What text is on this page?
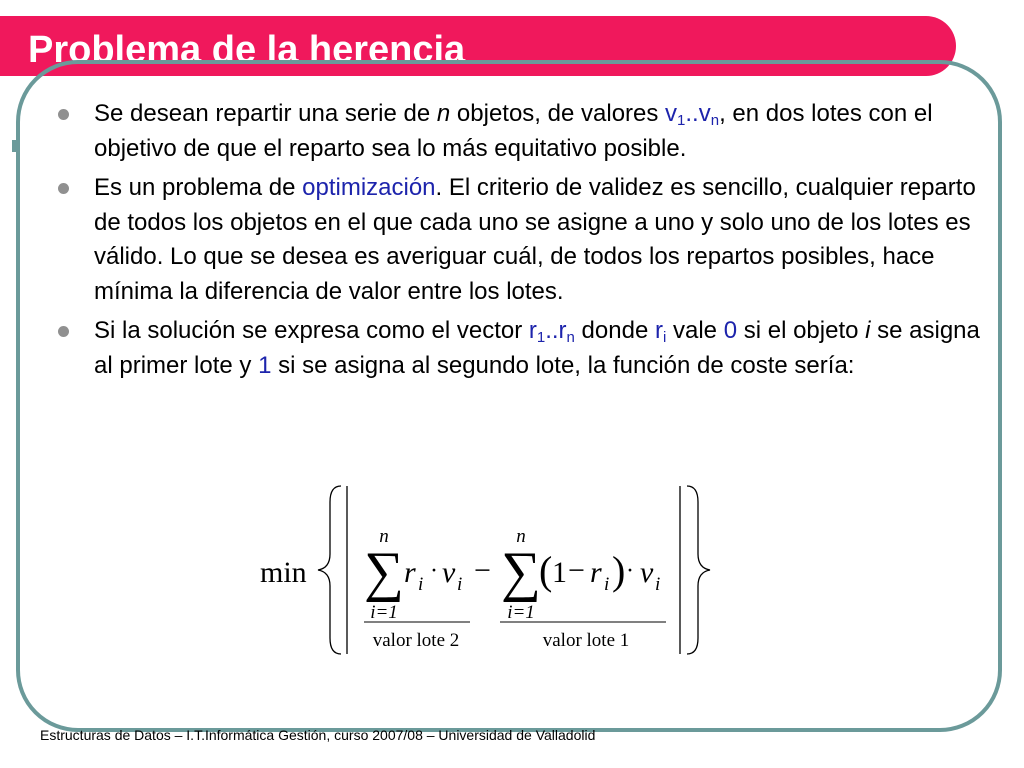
Problema de la herencia
Se desean repartir una serie de n objetos, de valores $v_1..v_n$, en dos lotes con el objetivo de que el reparto sea lo más equitativo posible.
Es un problema de optimización. El criterio de validez es sencillo, cualquier reparto de todos los objetos en el que cada uno se asigne a uno y solo uno de los lotes es válido. Lo que se desea es averiguar cuál, de todos los repartos posibles, hace mínima la diferencia de valor entre los lotes.
Si la solución se expresa como el vector $r_1..r_n$ donde $r_i$ vale 0 si el objeto i se asigna al primer lote y 1 si se asigna al segundo lote, la función de coste sería:
min
n
∑
i=1
r i
· v i −
n
∑
i=1
( 1 − r i ) · v i
valor lote 2	valor lote 1
Estructuras de Datos – I.T.Informática Gestión, curso 2007/08 – Universidad de Valladolid
